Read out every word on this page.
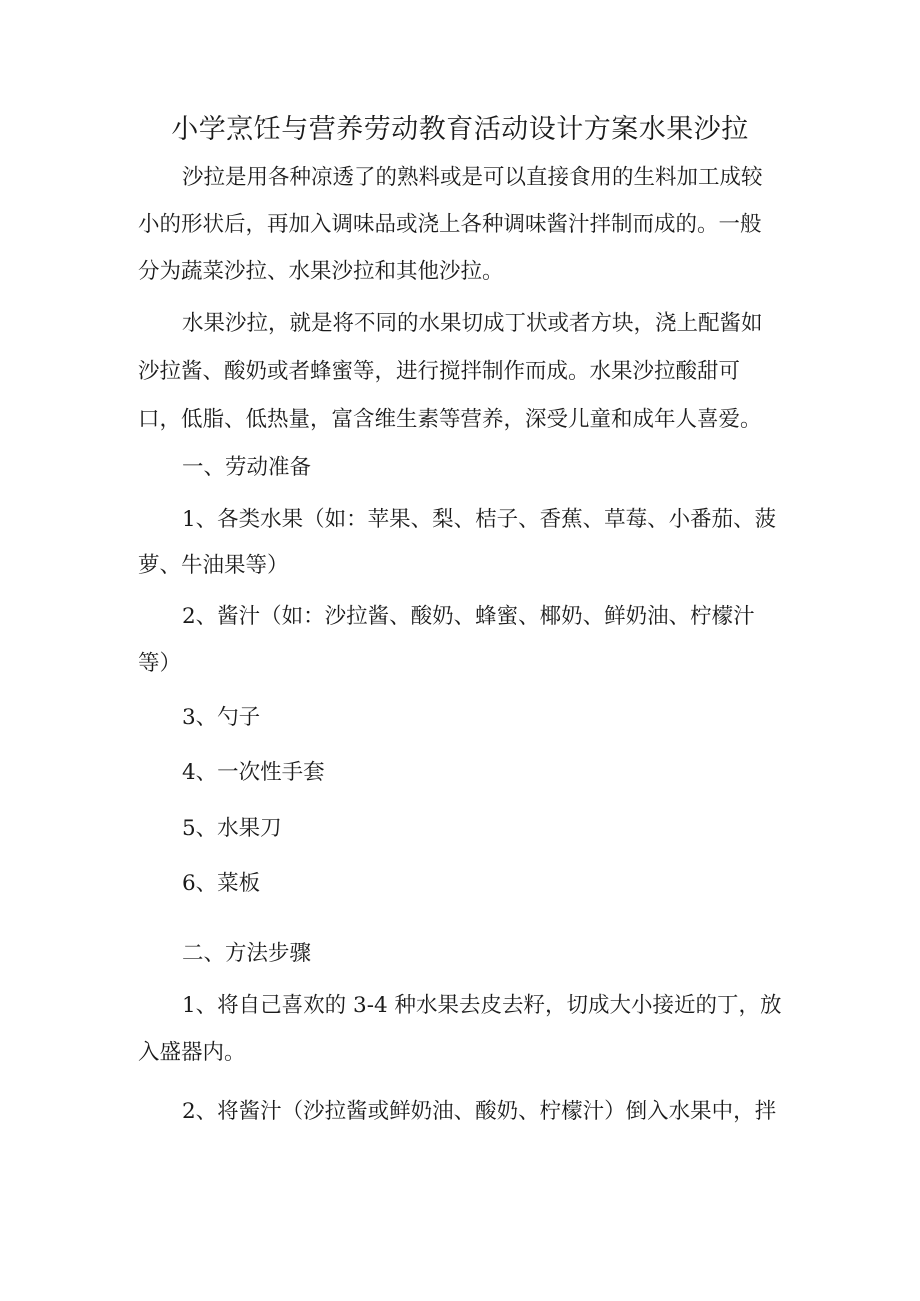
小学烹饪与营养劳动教育活动设计方案水果沙拉

沙拉是用各种凉透了的熟料或是可以直接食用的生料加工成较

小的形状后，再加入调味品或浇上各种调味酱汁拌制而成的。一般

分为蔬菜沙拉、水果沙拉和其他沙拉。

水果沙拉，就是将不同的水果切成丁状或者方块，浇上配酱如

沙拉酱、酸奶或者蜂蜜等，进行搅拌制作而成。水果沙拉酸甜可

口，低脂、低热量，富含维生素等营养，深受儿童和成年人喜爱。

一、劳动准备

1、各类水果（如：苹果、梨、桔子、香蕉、草莓、小番茄、菠

萝、牛油果等）

2、酱汁（如：沙拉酱、酸奶、蜂蜜、椰奶、鲜奶油、柠檬汁

等）

3、勺子

4、一次性手套

5、水果刀

6、菜板

二、方法步骤

1、将自己喜欢的 3-4 种水果去皮去籽，切成大小接近的丁，放

入盛器内。

2、将酱汁（沙拉酱或鲜奶油、酸奶、柠檬汁）倒入水果中，拌
